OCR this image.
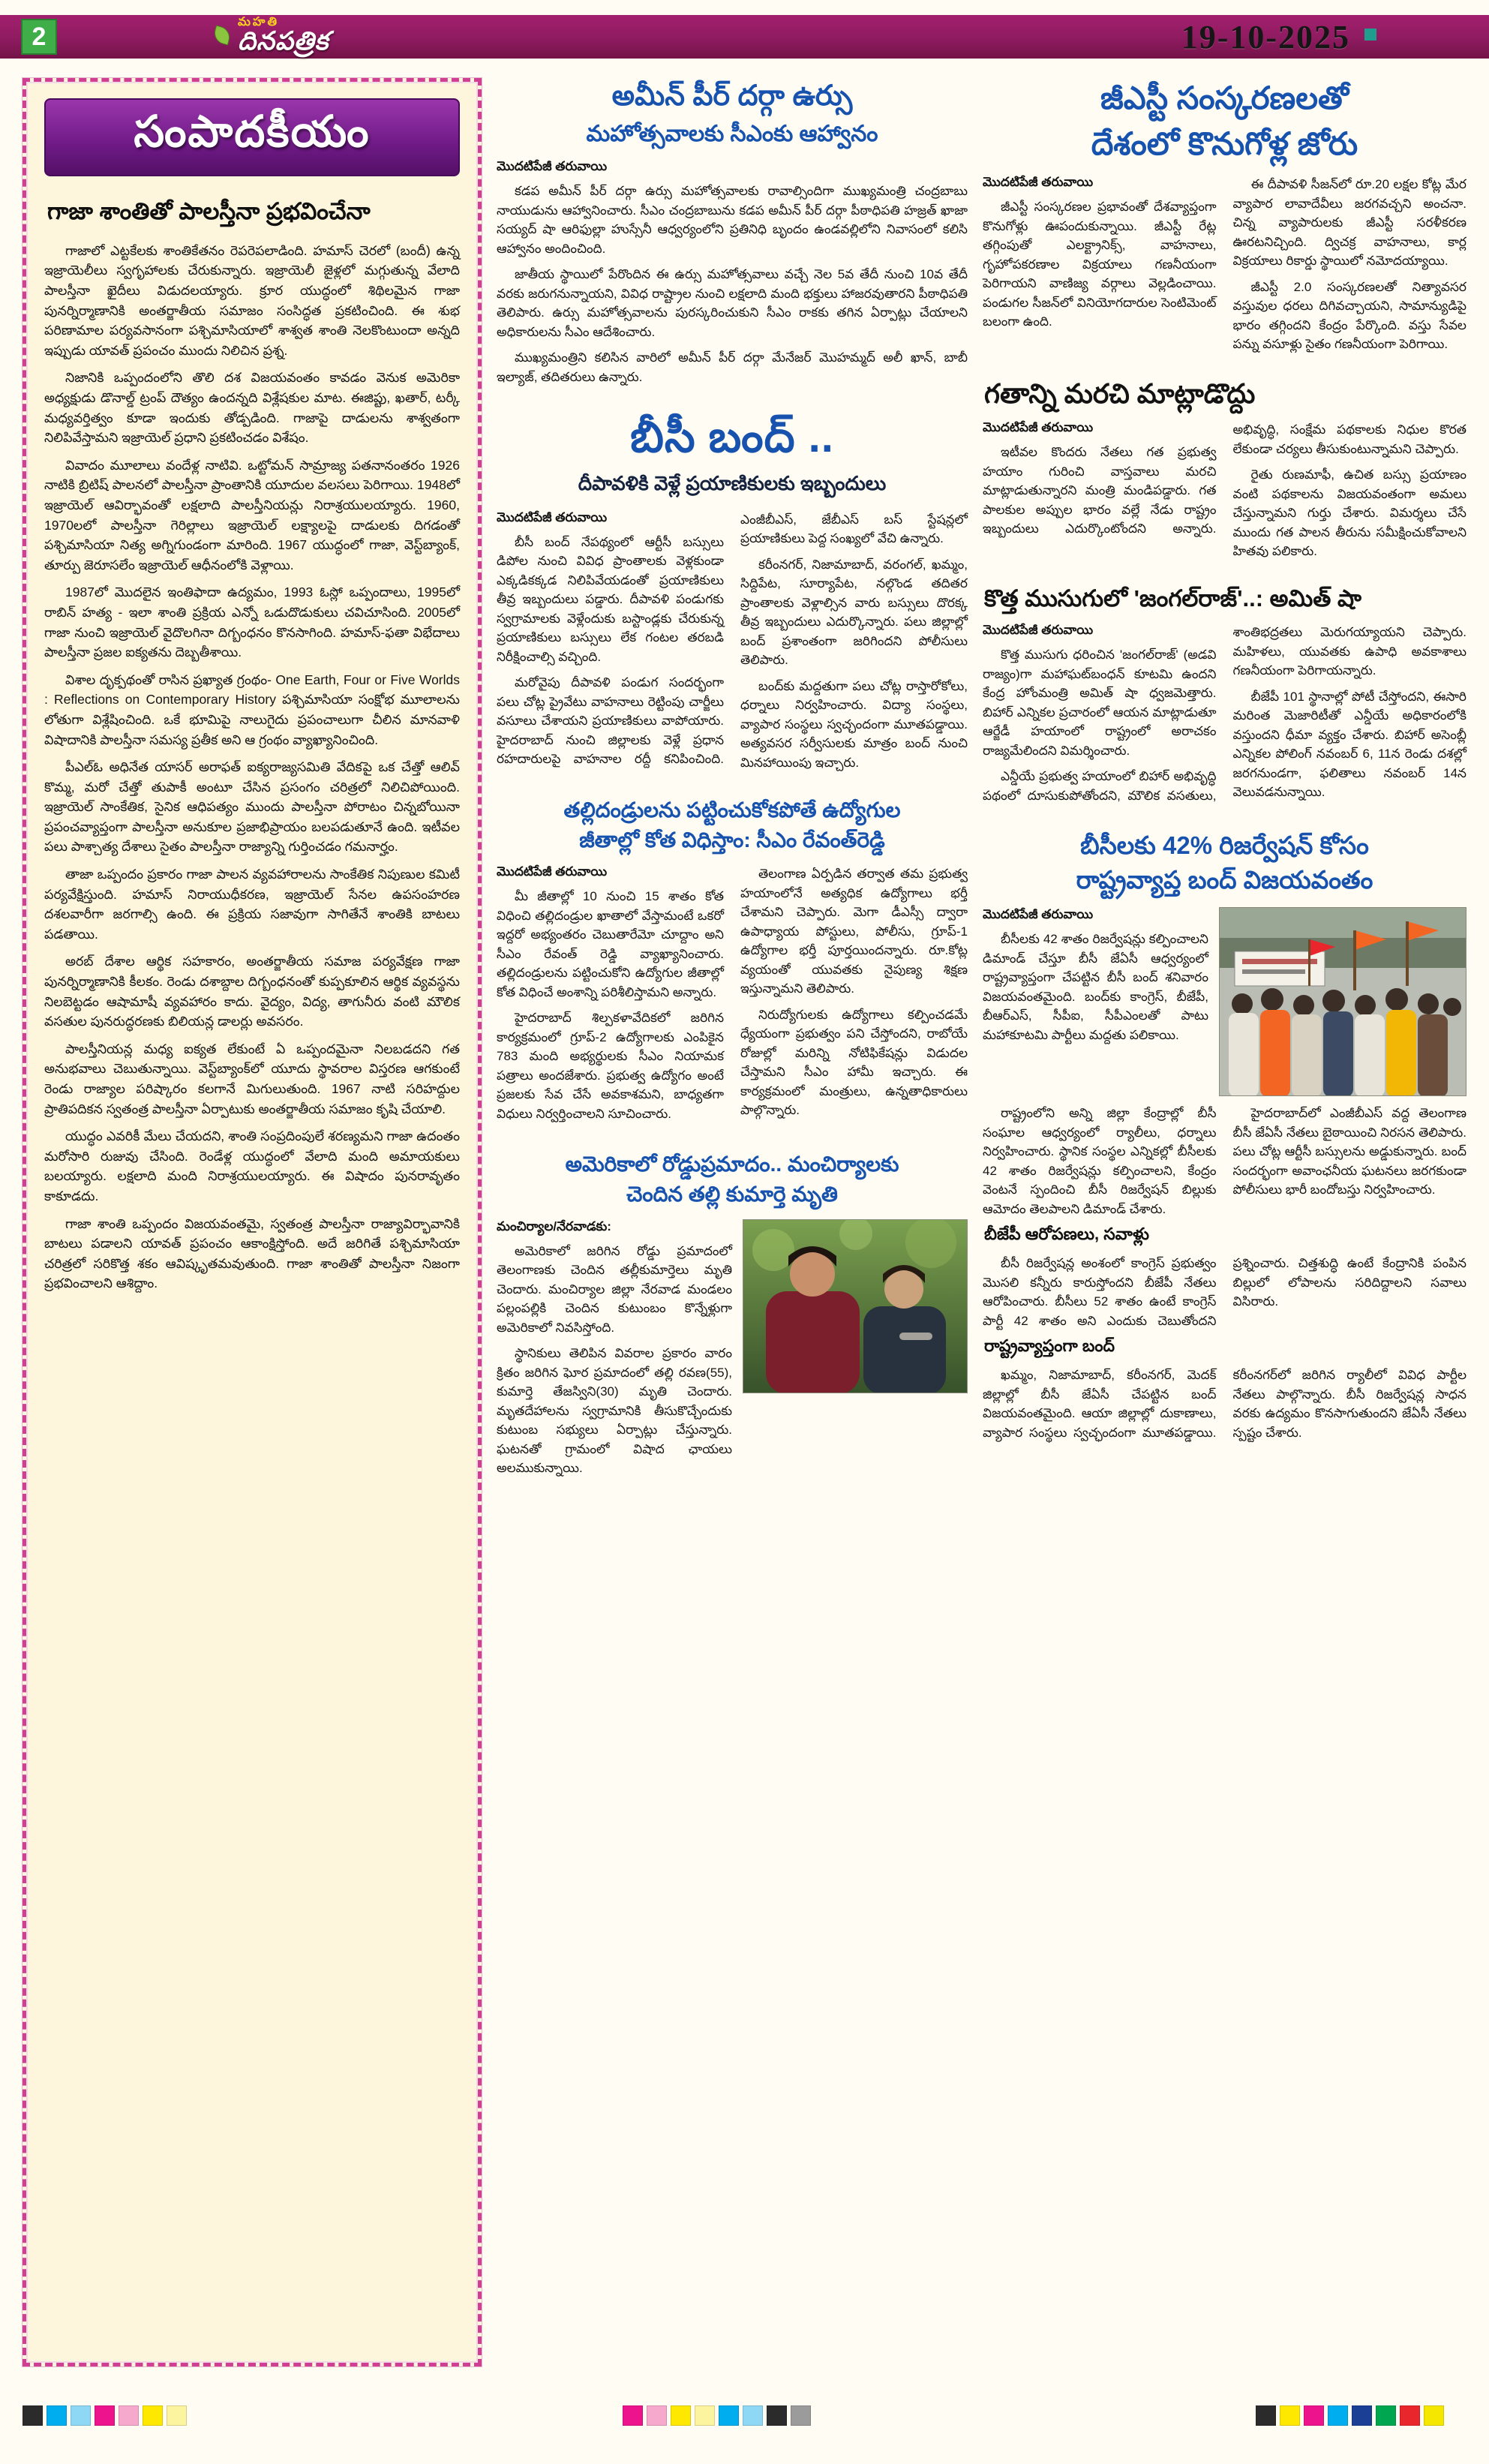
2	మహతి
దినపత్రిక	19-10-2025
సంపాదకీయం
గాజా శాంతితో పాలస్తీనా ప్రభవించేనా

గాజాలో ఎట్టకేలకు శాంతికేతనం రెపరెపలాడింది. హమాస్ చెరలో (బందీ) ఉన్న ఇజ్రాయెలీలు స్వగృహాలకు చేరుకున్నారు. ఇజ్రాయెలీ జైళ్లలో మగ్గుతున్న వేలాది పాలస్తీనా ఖైదీలు విడుదలయ్యారు. క్రూర యుద్ధంలో శిథిలమైన గాజా పునర్నిర్మాణానికి అంతర్జాతీయ సమాజం సంసిద్ధత ప్రకటించింది. ఈ శుభ పరిణామాల పర్యవసానంగా పశ్చిమాసియాలో శాశ్వత శాంతి నెలకొంటుందా అన్నది ఇప్పుడు యావత్ ప్రపంచం ముందు నిలిచిన ప్రశ్న.

నిజానికి ఒప్పందంలోని తొలి దశ విజయవంతం కావడం వెనుక అమెరికా అధ్యక్షుడు డొనాల్డ్ ట్రంప్ దౌత్యం ఉందన్నది విశ్లేషకుల మాట. ఈజిప్టు, ఖతార్, టర్కీ మధ్యవర్తిత్వం కూడా ఇందుకు తోడ్పడింది. గాజాపై దాడులను శాశ్వతంగా నిలిపివేస్తామని ఇజ్రాయెల్ ప్రధాని ప్రకటించడం విశేషం.

వివాదం మూలాలు వందేళ్ల నాటివి. ఒట్టోమన్ సామ్రాజ్య పతనానంతరం 1926 నాటికి బ్రిటిష్ పాలనలో పాలస్తీనా ప్రాంతానికి యూదుల వలసలు పెరిగాయి. 1948లో ఇజ్రాయెల్ ఆవిర్భావంతో లక్షలాది పాలస్తీనియన్లు నిరాశ్రయులయ్యారు. 1960, 1970లలో పాలస్తీనా గెరిల్లాలు ఇజ్రాయెల్ లక్ష్యాలపై దాడులకు దిగడంతో పశ్చిమాసియా నిత్య అగ్నిగుండంగా మారింది. 1967 యుద్ధంలో గాజా, వెస్ట్‌బ్యాంక్, తూర్పు జెరూసలేం ఇజ్రాయెల్ ఆధీనంలోకి వెళ్లాయి.

1987లో మొదలైన ఇంతిఫాదా ఉద్యమం, 1993 ఓస్లో ఒప్పందాలు, 1995లో రాబిన్ హత్య - ఇలా శాంతి ప్రక్రియ ఎన్నో ఒడుదొడుకులు చవిచూసింది. 2005లో గాజా నుంచి ఇజ్రాయెల్ వైదొలగినా దిగ్బంధనం కొనసాగింది. హమాస్-ఫతా విభేదాలు పాలస్తీనా ప్రజల ఐక్యతను దెబ్బతీశాయి.

విశాల దృక్పథంతో రాసిన ప్రఖ్యాత గ్రంథం- One Earth, Four or Five Worlds : Reflections on Contemporary History పశ్చిమాసియా సంక్షోభ మూలాలను లోతుగా విశ్లేషించింది. ఒకే భూమిపై నాలుగైదు ప్రపంచాలుగా చీలిన మానవాళి విషాదానికి పాలస్తీనా సమస్య ప్రతీక అని ఆ గ్రంథం వ్యాఖ్యానించింది.

పీఎల్ఓ అధినేత యాసర్ అరాఫత్ ఐక్యరాజ్యసమితి వేదికపై ఒక చేత్తో ఆలివ్ కొమ్మ, మరో చేత్తో తుపాకీ అంటూ చేసిన ప్రసంగం చరిత్రలో నిలిచిపోయింది. ఇజ్రాయెల్ సాంకేతిక, సైనిక ఆధిపత్యం ముందు పాలస్తీనా పోరాటం చిన్నబోయినా ప్రపంచవ్యాప్తంగా పాలస్తీనా అనుకూల ప్రజాభిప్రాయం బలపడుతూనే ఉంది. ఇటీవల పలు పాశ్చాత్య దేశాలు సైతం పాలస్తీనా రాజ్యాన్ని గుర్తించడం గమనార్హం.

తాజా ఒప్పందం ప్రకారం గాజా పాలన వ్యవహారాలను సాంకేతిక నిపుణుల కమిటీ పర్యవేక్షిస్తుంది. హమాస్ నిరాయుధీకరణ, ఇజ్రాయెల్ సేనల ఉపసంహరణ దశలవారీగా జరగాల్సి ఉంది. ఈ ప్రక్రియ సజావుగా సాగితేనే శాంతికి బాటలు పడతాయి.

అరబ్ దేశాల ఆర్థిక సహకారం, అంతర్జాతీయ సమాజ పర్యవేక్షణ గాజా పునర్నిర్మాణానికి కీలకం. రెండు దశాబ్దాల దిగ్బంధనంతో కుప్పకూలిన ఆర్థిక వ్యవస్థను నిలబెట్టడం ఆషామాషీ వ్యవహారం కాదు. వైద్యం, విద్య, తాగునీరు వంటి మౌలిక వసతుల పునరుద్ధరణకు బిలియన్ల డాలర్లు అవసరం.

పాలస్తీనియన్ల మధ్య ఐక్యత లేకుంటే ఏ ఒప్పందమైనా నిలబడదని గత అనుభవాలు చెబుతున్నాయి. వెస్ట్‌బ్యాంక్‌లో యూదు స్థావరాల విస్తరణ ఆగకుంటే రెండు రాజ్యాల పరిష్కారం కలగానే మిగులుతుంది. 1967 నాటి సరిహద్దుల ప్రాతిపదికన స్వతంత్ర పాలస్తీనా ఏర్పాటుకు అంతర్జాతీయ సమాజం కృషి చేయాలి.

యుద్ధం ఎవరికీ మేలు చేయదని, శాంతి సంప్రదింపులే శరణ్యమని గాజా ఉదంతం మరోసారి రుజువు చేసింది. రెండేళ్ల యుద్ధంలో వేలాది మంది అమాయకులు బలయ్యారు. లక్షలాది మంది నిరాశ్రయులయ్యారు. ఈ విషాదం పునరావృతం కాకూడదు.

గాజా శాంతి ఒప్పందం విజయవంతమై, స్వతంత్ర పాలస్తీనా రాజ్యావిర్భావానికి బాటలు పడాలని యావత్ ప్రపంచం ఆకాంక్షిస్తోంది. అదే జరిగితే పశ్చిమాసియా చరిత్రలో సరికొత్త శకం ఆవిష్కృతమవుతుంది. గాజా శాంతితో పాలస్తీనా నిజంగా ప్రభవించాలని ఆశిద్దాం.

అమీన్ పీర్ దర్గా ఉర్సు
మహోత్సవాలకు సీఎంకు ఆహ్వానం
మొదటిపేజీ తరువాయి

కడప అమీన్ పీర్ దర్గా ఉర్సు మహోత్సవాలకు రావాల్సిందిగా ముఖ్యమంత్రి చంద్రబాబు నాయుడును ఆహ్వానించారు. సీఎం చంద్రబాబును కడప అమీన్ పీర్ దర్గా పీఠాధిపతి హజ్రత్ ఖాజా సయ్యద్ షా ఆరిఫుల్లా హుస్సేనీ ఆధ్వర్యంలోని ప్రతినిధి బృందం ఉండవల్లిలోని నివాసంలో కలిసి ఆహ్వానం అందించింది.

జాతీయ స్థాయిలో పేరొందిన ఈ ఉర్సు మహోత్సవాలు వచ్చే నెల 5వ తేదీ నుంచి 10వ తేదీ వరకు జరుగనున్నాయని, వివిధ రాష్ట్రాల నుంచి లక్షలాది మంది భక్తులు హాజరవుతారని పీఠాధిపతి తెలిపారు. ఉర్సు మహోత్సవాలను పురస్కరించుకుని సీఎం రాకకు తగిన ఏర్పాట్లు చేయాలని అధికారులను సీఎం ఆదేశించారు.

ముఖ్యమంత్రిని కలిసిన వారిలో అమీన్ పీర్ దర్గా మేనేజర్ మొహమ్మద్ అలీ ఖాన్, బాబీ ఇల్యాజ్, తదితరులు ఉన్నారు.

బీసీ బంద్ ..
దీపావళికి వెళ్లే ప్రయాణికులకు ఇబ్బందులు
మొదటిపేజీ తరువాయి

బీసీ బంద్ నేపథ్యంలో ఆర్టీసీ బస్సులు డిపోల నుంచి వివిధ ప్రాంతాలకు వెళ్లకుండా ఎక్కడికక్కడ నిలిపివేయడంతో ప్రయాణికులు తీవ్ర ఇబ్బందులు పడ్డారు. దీపావళి పండుగకు స్వగ్రామాలకు వెళ్లేందుకు బస్టాండ్లకు చేరుకున్న ప్రయాణికులు బస్సులు లేక గంటల తరబడి నిరీక్షించాల్సి వచ్చింది.

మరోవైపు దీపావళి పండుగ సందర్భంగా పలు చోట్ల ప్రైవేటు వాహనాలు రెట్టింపు చార్జీలు వసూలు చేశాయని ప్రయాణికులు వాపోయారు. హైదరాబాద్ నుంచి జిల్లాలకు వెళ్లే ప్రధాన రహదారులపై వాహనాల రద్దీ కనిపించింది. ఎంజీబీఎస్, జేబీఎస్ బస్ స్టేషన్లలో ప్రయాణికులు పెద్ద సంఖ్యలో వేచి ఉన్నారు.

కరీంనగర్, నిజామాబాద్, వరంగల్, ఖమ్మం, సిద్దిపేట, సూర్యాపేట, నల్గొండ తదితర ప్రాంతాలకు వెళ్లాల్సిన వారు బస్సులు దొరక్క తీవ్ర ఇబ్బందులు ఎదుర్కొన్నారు. పలు జిల్లాల్లో బంద్ ప్రశాంతంగా జరిగిందని పోలీసులు తెలిపారు.

బంద్‌కు మద్దతుగా పలు చోట్ల రాస్తారోకోలు, ధర్నాలు నిర్వహించారు. విద్యా సంస్థలు, వ్యాపార సంస్థలు స్వచ్ఛందంగా మూతపడ్డాయి. అత్యవసర సర్వీసులకు మాత్రం బంద్ నుంచి మినహాయింపు ఇచ్చారు.

తల్లిదండ్రులను పట్టించుకోకపోతే ఉద్యోగుల
జీతాల్లో కోత విధిస్తాం: సీఎం రేవంత్‌రెడ్డి
మొదటిపేజీ తరువాయి

మీ జీతాల్లో 10 నుంచి 15 శాతం కోత విధించి తల్లిదండ్రుల ఖాతాలో వేస్తామంటే ఒకరో ఇద్దరో అభ్యంతరం చెబుతారేమో చూద్దాం అని సీఎం రేవంత్ రెడ్డి వ్యాఖ్యానించారు. తల్లిదండ్రులను పట్టించుకోని ఉద్యోగుల జీతాల్లో కోత విధించే అంశాన్ని పరిశీలిస్తామని అన్నారు.

హైదరాబాద్ శిల్పకళావేదికలో జరిగిన కార్యక్రమంలో గ్రూప్-2 ఉద్యోగాలకు ఎంపికైన 783 మంది అభ్యర్థులకు సీఎం నియామక పత్రాలు అందజేశారు. ప్రభుత్వ ఉద్యోగం అంటే ప్రజలకు సేవ చేసే అవకాశమని, బాధ్యతగా విధులు నిర్వర్తించాలని సూచించారు.

తెలంగాణ ఏర్పడిన తర్వాత తమ ప్రభుత్వ హయాంలోనే అత్యధిక ఉద్యోగాలు భర్తీ చేశామని చెప్పారు. మెగా డీఎస్సీ ద్వారా ఉపాధ్యాయ పోస్టులు, పోలీసు, గ్రూప్-1 ఉద్యోగాల భర్తీ పూర్తయిందన్నారు. రూ.కోట్ల వ్యయంతో యువతకు నైపుణ్య శిక్షణ ఇస్తున్నామని తెలిపారు.

నిరుద్యోగులకు ఉద్యోగాలు కల్పించడమే ధ్యేయంగా ప్రభుత్వం పని చేస్తోందని, రాబోయే రోజుల్లో మరిన్ని నోటిఫికేషన్లు విడుదల చేస్తామని సీఎం హామీ ఇచ్చారు. ఈ కార్యక్రమంలో మంత్రులు, ఉన్నతాధికారులు పాల్గొన్నారు.

అమెరికాలో రోడ్డుప్రమాదం.. మంచిర్యాలకు
చెందిన తల్లి కుమార్తె మృతి
మంచిర్యాల/నేరవాడకు:

అమెరికాలో జరిగిన రోడ్డు ప్రమాదంలో తెలంగాణకు చెందిన తల్లీకుమార్తెలు మృతి చెందారు. మంచిర్యాల జిల్లా నేరవాడ మండలం పల్లంపల్లికి చెందిన కుటుంబం కొన్నేళ్లుగా అమెరికాలో నివసిస్తోంది.

స్థానికులు తెలిపిన వివరాల ప్రకారం వారం క్రితం జరిగిన ఘోర ప్రమాదంలో తల్లి రవణ(55), కుమార్తె తేజస్విని(30) మృతి చెందారు. మృతదేహాలను స్వగ్రామానికి తీసుకొచ్చేందుకు కుటుంబ సభ్యులు ఏర్పాట్లు చేస్తున్నారు. ఘటనతో గ్రామంలో విషాద ఛాయలు అలముకున్నాయి.

జీఎస్టీ సంస్కరణలతో
దేశంలో కొనుగోళ్ల జోరు
మొదటిపేజీ తరువాయి

జీఎస్టీ సంస్కరణల ప్రభావంతో దేశవ్యాప్తంగా కొనుగోళ్లు ఊపందుకున్నాయి. జీఎస్టీ రేట్ల తగ్గింపుతో ఎలక్ట్రానిక్స్, వాహనాలు, గృహోపకరణాల విక్రయాలు గణనీయంగా పెరిగాయని వాణిజ్య వర్గాలు వెల్లడించాయి. పండుగల సీజన్‌లో వినియోగదారుల సెంటిమెంట్ బలంగా ఉంది.

ఈ దీపావళి సీజన్‌లో రూ.20 లక్షల కోట్ల మేర వ్యాపార లావాదేవీలు జరగవచ్చని అంచనా. చిన్న వ్యాపారులకు జీఎస్టీ సరళీకరణ ఊరటనిచ్చింది. ద్విచక్ర వాహనాలు, కార్ల విక్రయాలు రికార్డు స్థాయిలో నమోదయ్యాయి.

జీఎస్టీ 2.0 సంస్కరణలతో నిత్యావసర వస్తువుల ధరలు దిగివచ్చాయని, సామాన్యుడిపై భారం తగ్గిందని కేంద్రం పేర్కొంది. వస్తు సేవల పన్ను వసూళ్లు సైతం గణనీయంగా పెరిగాయి.

గతాన్ని మరచి మాట్లాడొద్దు
మొదటిపేజీ తరువాయి

ఇటీవల కొందరు నేతలు గత ప్రభుత్వ హయాం గురించి వాస్తవాలు మరచి మాట్లాడుతున్నారని మంత్రి మండిపడ్డారు. గత పాలకుల అప్పుల భారం వల్లే నేడు రాష్ట్రం ఇబ్బందులు ఎదుర్కొంటోందని అన్నారు. అభివృద్ధి, సంక్షేమ పథకాలకు నిధుల కొరత లేకుండా చర్యలు తీసుకుంటున్నామని చెప్పారు.

రైతు రుణమాఫీ, ఉచిత బస్సు ప్రయాణం వంటి పథకాలను విజయవంతంగా అమలు చేస్తున్నామని గుర్తు చేశారు. విమర్శలు చేసే ముందు గత పాలన తీరును సమీక్షించుకోవాలని హితవు పలికారు.

కొత్త ముసుగులో 'జంగల్‌రాజ్'..: అమిత్ షా
మొదటిపేజీ తరువాయి

కొత్త ముసుగు ధరించిన 'జంగల్‌రాజ్' (అడవి రాజ్యం)గా మహాఘట్‌బంధన్ కూటమి ఉందని కేంద్ర హోంమంత్రి అమిత్ షా ధ్వజమెత్తారు. బిహార్ ఎన్నికల ప్రచారంలో ఆయన మాట్లాడుతూ ఆర్జేడీ హయాంలో రాష్ట్రంలో అరాచకం రాజ్యమేలిందని విమర్శించారు.

ఎన్డీయే ప్రభుత్వ హయాంలో బిహార్ అభివృద్ధి పథంలో దూసుకుపోతోందని, మౌలిక వసతులు, శాంతిభద్రతలు మెరుగయ్యాయని చెప్పారు. మహిళలు, యువతకు ఉపాధి అవకాశాలు గణనీయంగా పెరిగాయన్నారు.

బీజేపీ 101 స్థానాల్లో పోటీ చేస్తోందని, ఈసారి మరింత మెజారిటీతో ఎన్డీయే అధికారంలోకి వస్తుందని ధీమా వ్యక్తం చేశారు. బిహార్ అసెంబ్లీ ఎన్నికల పోలింగ్ నవంబర్ 6, 11న రెండు దశల్లో జరగనుండగా, ఫలితాలు నవంబర్ 14న వెలువడనున్నాయి.

బీసీలకు 42% రిజర్వేషన్ కోసం
రాష్ట్రవ్యాప్త బంద్ విజయవంతం
మొదటిపేజీ తరువాయి

బీసీలకు 42 శాతం రిజర్వేషన్లు కల్పించాలని డిమాండ్ చేస్తూ బీసీ జేఏసీ ఆధ్వర్యంలో రాష్ట్రవ్యాప్తంగా చేపట్టిన బీసీ బంద్ శనివారం విజయవంతమైంది. బంద్‌కు కాంగ్రెస్, బీజేపీ, బీఆర్ఎస్, సీపీఐ, సీపీఎంలతో పాటు మహాకూటమి పార్టీలు మద్దతు పలికాయి.

రాష్ట్రంలోని అన్ని జిల్లా కేంద్రాల్లో బీసీ సంఘాల ఆధ్వర్యంలో ర్యాలీలు, ధర్నాలు నిర్వహించారు. స్థానిక సంస్థల ఎన్నికల్లో బీసీలకు 42 శాతం రిజర్వేషన్లు కల్పించాలని, కేంద్రం వెంటనే స్పందించి బీసీ రిజర్వేషన్ బిల్లుకు ఆమోదం తెలపాలని డిమాండ్ చేశారు.

హైదరాబాద్‌లో ఎంజీబీఎస్ వద్ద తెలంగాణ బీసీ జేఏసీ నేతలు బైఠాయించి నిరసన తెలిపారు. పలు చోట్ల ఆర్టీసీ బస్సులను అడ్డుకున్నారు. బంద్ సందర్భంగా అవాంఛనీయ ఘటనలు జరగకుండా పోలీసులు భారీ బందోబస్తు నిర్వహించారు.

బీజేపీ ఆరోపణలు, సవాళ్లు

బీసీ రిజర్వేషన్ల అంశంలో కాంగ్రెస్ ప్రభుత్వం మొసలి కన్నీరు కారుస్తోందని బీజేపీ నేతలు ఆరోపించారు. బీసీలు 52 శాతం ఉంటే కాంగ్రెస్ పార్టీ 42 శాతం అని ఎందుకు చెబుతోందని ప్రశ్నించారు. చిత్తశుద్ధి ఉంటే కేంద్రానికి పంపిన బిల్లులో లోపాలను సరిదిద్దాలని సవాలు విసిరారు.

రాష్ట్రవ్యాప్తంగా బంద్

ఖమ్మం, నిజామాబాద్, కరీంనగర్, మెదక్ జిల్లాల్లో బీసీ జేఏసీ చేపట్టిన బంద్ విజయవంతమైంది. ఆయా జిల్లాల్లో దుకాణాలు, వ్యాపార సంస్థలు స్వచ్ఛందంగా మూతపడ్డాయి. కరీంనగర్‌లో జరిగిన ర్యాలీలో వివిధ పార్టీల నేతలు పాల్గొన్నారు. బీసీ రిజర్వేషన్ల సాధన వరకు ఉద్యమం కొనసాగుతుందని జేఏసీ నేతలు స్పష్టం చేశారు.
